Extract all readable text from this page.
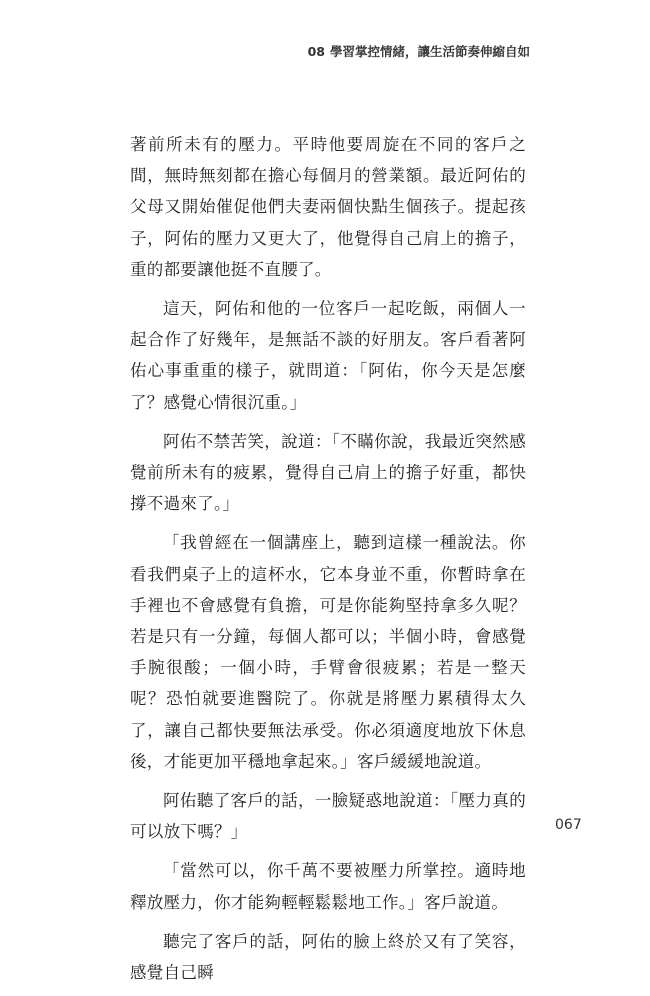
08 學習掌控情緒，讓生活節奏伸縮自如

著前所未有的壓力。平時他要周旋在不同的客戶之間，無時無刻都在擔心每個月的營業額。最近阿佑的父母又開始催促他們夫妻兩個快點生個孩子。提起孩子，阿佑的壓力又更大了，他覺得自己肩上的擔子，重的都要讓他挺不直腰了。

這天，阿佑和他的一位客戶一起吃飯，兩個人一起合作了好幾年，是無話不談的好朋友。客戶看著阿佑心事重重的樣子，就問道：「阿佑，你今天是怎麼了？感覺心情很沉重。」

阿佑不禁苦笑，說道：「不瞞你說，我最近突然感覺前所未有的疲累，覺得自己肩上的擔子好重，都快撐不過來了。」

「我曾經在一個講座上，聽到這樣一種說法。你看我們桌子上的這杯水，它本身並不重，你暫時拿在手裡也不會感覺有負擔，可是你能夠堅持拿多久呢？若是只有一分鐘，每個人都可以；半個小時，會感覺手腕很酸；一個小時，手臂會很疲累；若是一整天呢？恐怕就要進醫院了。你就是將壓力累積得太久了，讓自己都快要無法承受。你必須適度地放下休息後，才能更加平穩地拿起來。」客戶緩緩地說道。

阿佑聽了客戶的話，一臉疑惑地說道：「壓力真的可以放下嗎？」

「當然可以，你千萬不要被壓力所掌控。適時地釋放壓力，你才能夠輕輕鬆鬆地工作。」客戶說道。

聽完了客戶的話，阿佑的臉上終於又有了笑容，感覺自己瞬

067
